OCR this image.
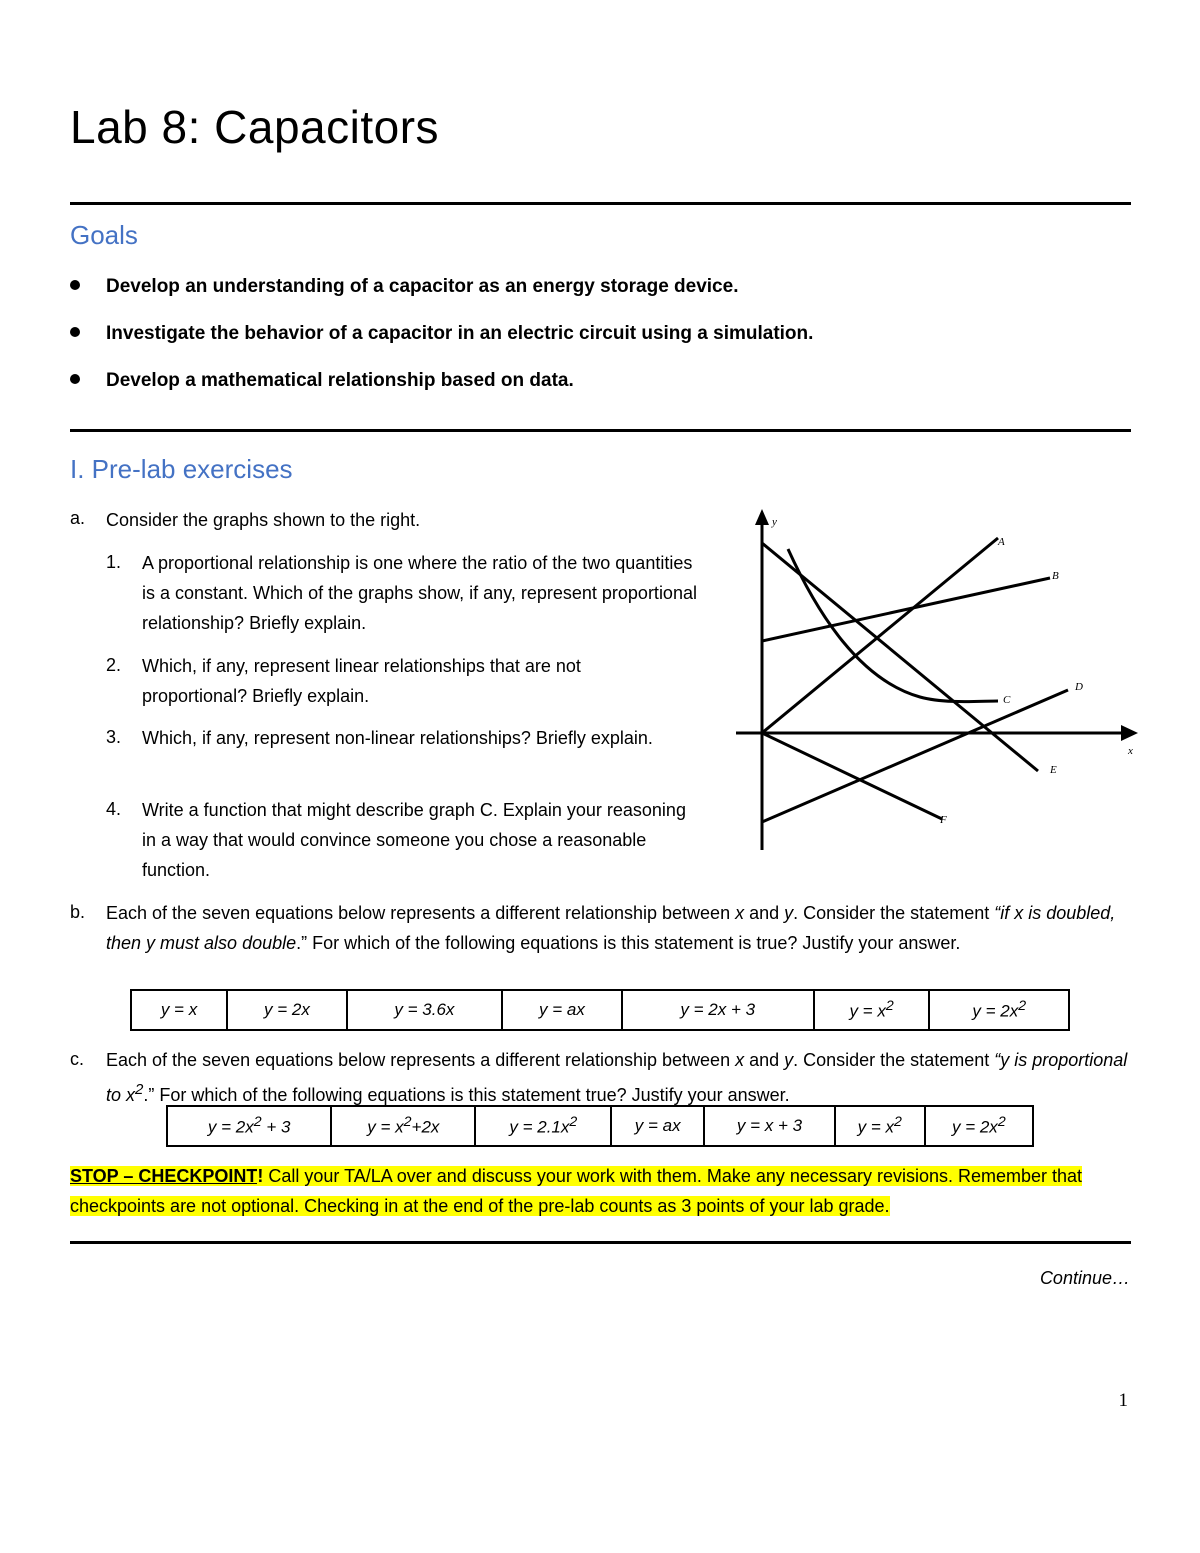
Lab 8: Capacitors
Goals
Develop an understanding of a capacitor as an energy storage device.
Investigate the behavior of a capacitor in an electric circuit using a simulation.
Develop a mathematical relationship based on data.
I. Pre-lab exercises
a. Consider the graphs shown to the right.
1. A proportional relationship is one where the ratio of the two quantities is a constant. Which of the graphs show, if any, represent proportional relationship? Briefly explain.
2. Which, if any, represent linear relationships that are not proportional? Briefly explain.
3. Which, if any, represent non-linear relationships? Briefly explain.
4. Write a function that might describe graph C. Explain your reasoning in a way that would convince someone you chose a reasonable function.
y
x
A
B
C
D
E
F
b. Each of the seven equations below represents a different relationship between x and y. Consider the statement “if x is doubled, then y must also double.” For which of the following equations is this statement is true? Justify your answer.
y = x	y = 2x	y = 3.6x	y = ax	y = 2x + 3	$y = x^2$	$y = 2x^2$
c. Each of the seven equations below represents a different relationship between x and y. Consider the statement “y is proportional to $x^2$.” For which of the following equations is this statement true? Justify your answer.
$y = 2x^2 + 3$	$y = x^2+2x$	$y = 2.1x^2$	y = ax	y = x + 3	$y = x^2$	$y = 2x^2$
STOP – CHECKPOINT! Call your TA/LA over and discuss your work with them. Make any necessary revisions. Remember that checkpoints are not optional. Checking in at the end of the pre-lab counts as 3 points of your lab grade.
Continue…
1
